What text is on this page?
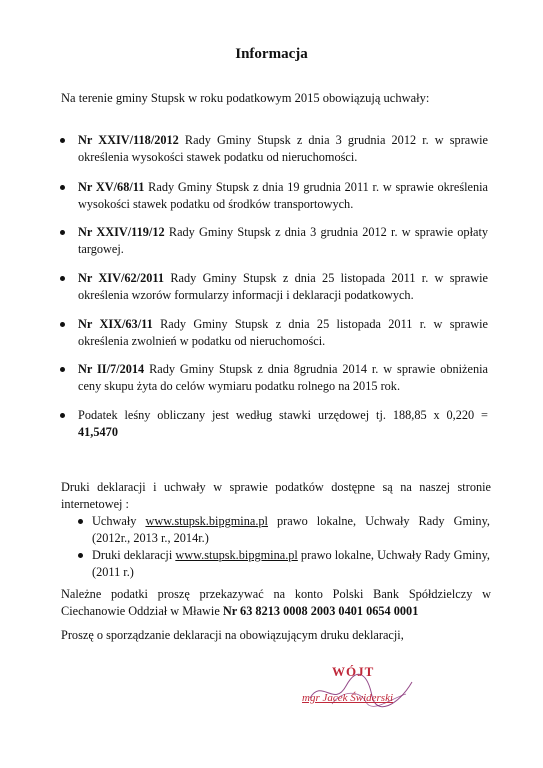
Informacja
Na terenie gminy Stupsk w roku podatkowym 2015 obowiązują uchwały:
Nr XXIV/118/2012 Rady Gminy Stupsk z dnia 3 grudnia 2012 r. w sprawie określenia wysokości stawek podatku od nieruchomości.
Nr XV/68/11 Rady Gminy Stupsk z dnia 19 grudnia 2011 r. w sprawie określenia wysokości stawek podatku od środków transportowych.
Nr XXIV/119/12 Rady Gminy Stupsk z dnia 3 grudnia 2012 r. w sprawie opłaty targowej.
Nr XIV/62/2011 Rady Gminy Stupsk z dnia 25 listopada 2011 r. w sprawie określenia wzorów formularzy informacji i deklaracji podatkowych.
Nr XIX/63/11 Rady Gminy Stupsk z dnia 25 listopada 2011 r. w sprawie określenia zwolnień w podatku od nieruchomości.
Nr II/7/2014 Rady Gminy Stupsk z dnia 8grudnia 2014 r. w sprawie obniżenia ceny skupu żyta do celów wymiaru podatku rolnego na 2015 rok.
Podatek leśny obliczany jest według stawki urzędowej tj. 188,85 x 0,220 = 41,5470
Druki deklaracji i uchwały w sprawie podatków dostępne są na naszej stronie internetowej :
Uchwały www.stupsk.bipgmina.pl prawo lokalne, Uchwały Rady Gminy, (2012r., 2013 r., 2014r.)
Druki deklaracji www.stupsk.bipgmina.pl prawo lokalne, Uchwały Rady Gminy, (2011 r.)
Należne podatki proszę przekazywać na konto Polski Bank Spółdzielczy w Ciechanowie Oddział w Mławie Nr 63 8213 0008 2003 0401 0654 0001
Proszę o sporządzanie deklaracji na obowiązującym druku deklaracji,
WÓJT
mgr Jacek Świderski
